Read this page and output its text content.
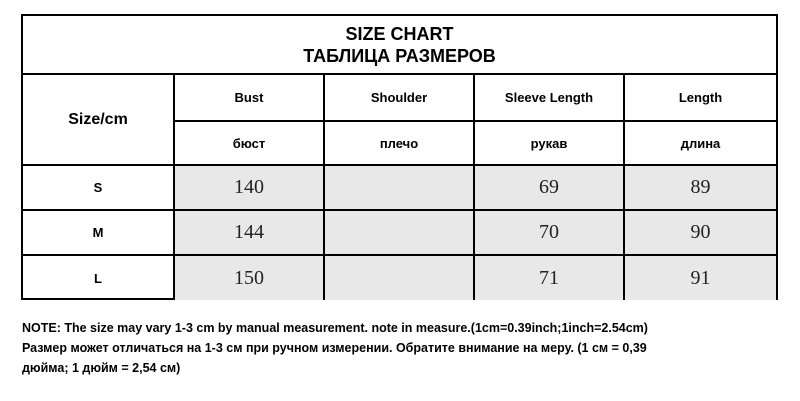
SIZE CHART
ТАБЛИЦА РАЗМЕРОВ
Size/cm	Bust	Shoulder	Sleeve Length	Length
	бюст	плечо	рукав	длина
S	140		69	89
M	144		70	90
L	150		71	91
NOTE: The size may vary 1-3 cm by manual measurement. note in measure.(1cm=0.39inch;1inch=2.54cm)
Размер может отличаться на 1-3 см при ручном измерении. Обратите внимание на меру. (1 см = 0,39
дюйма; 1 дюйм = 2,54 см)
